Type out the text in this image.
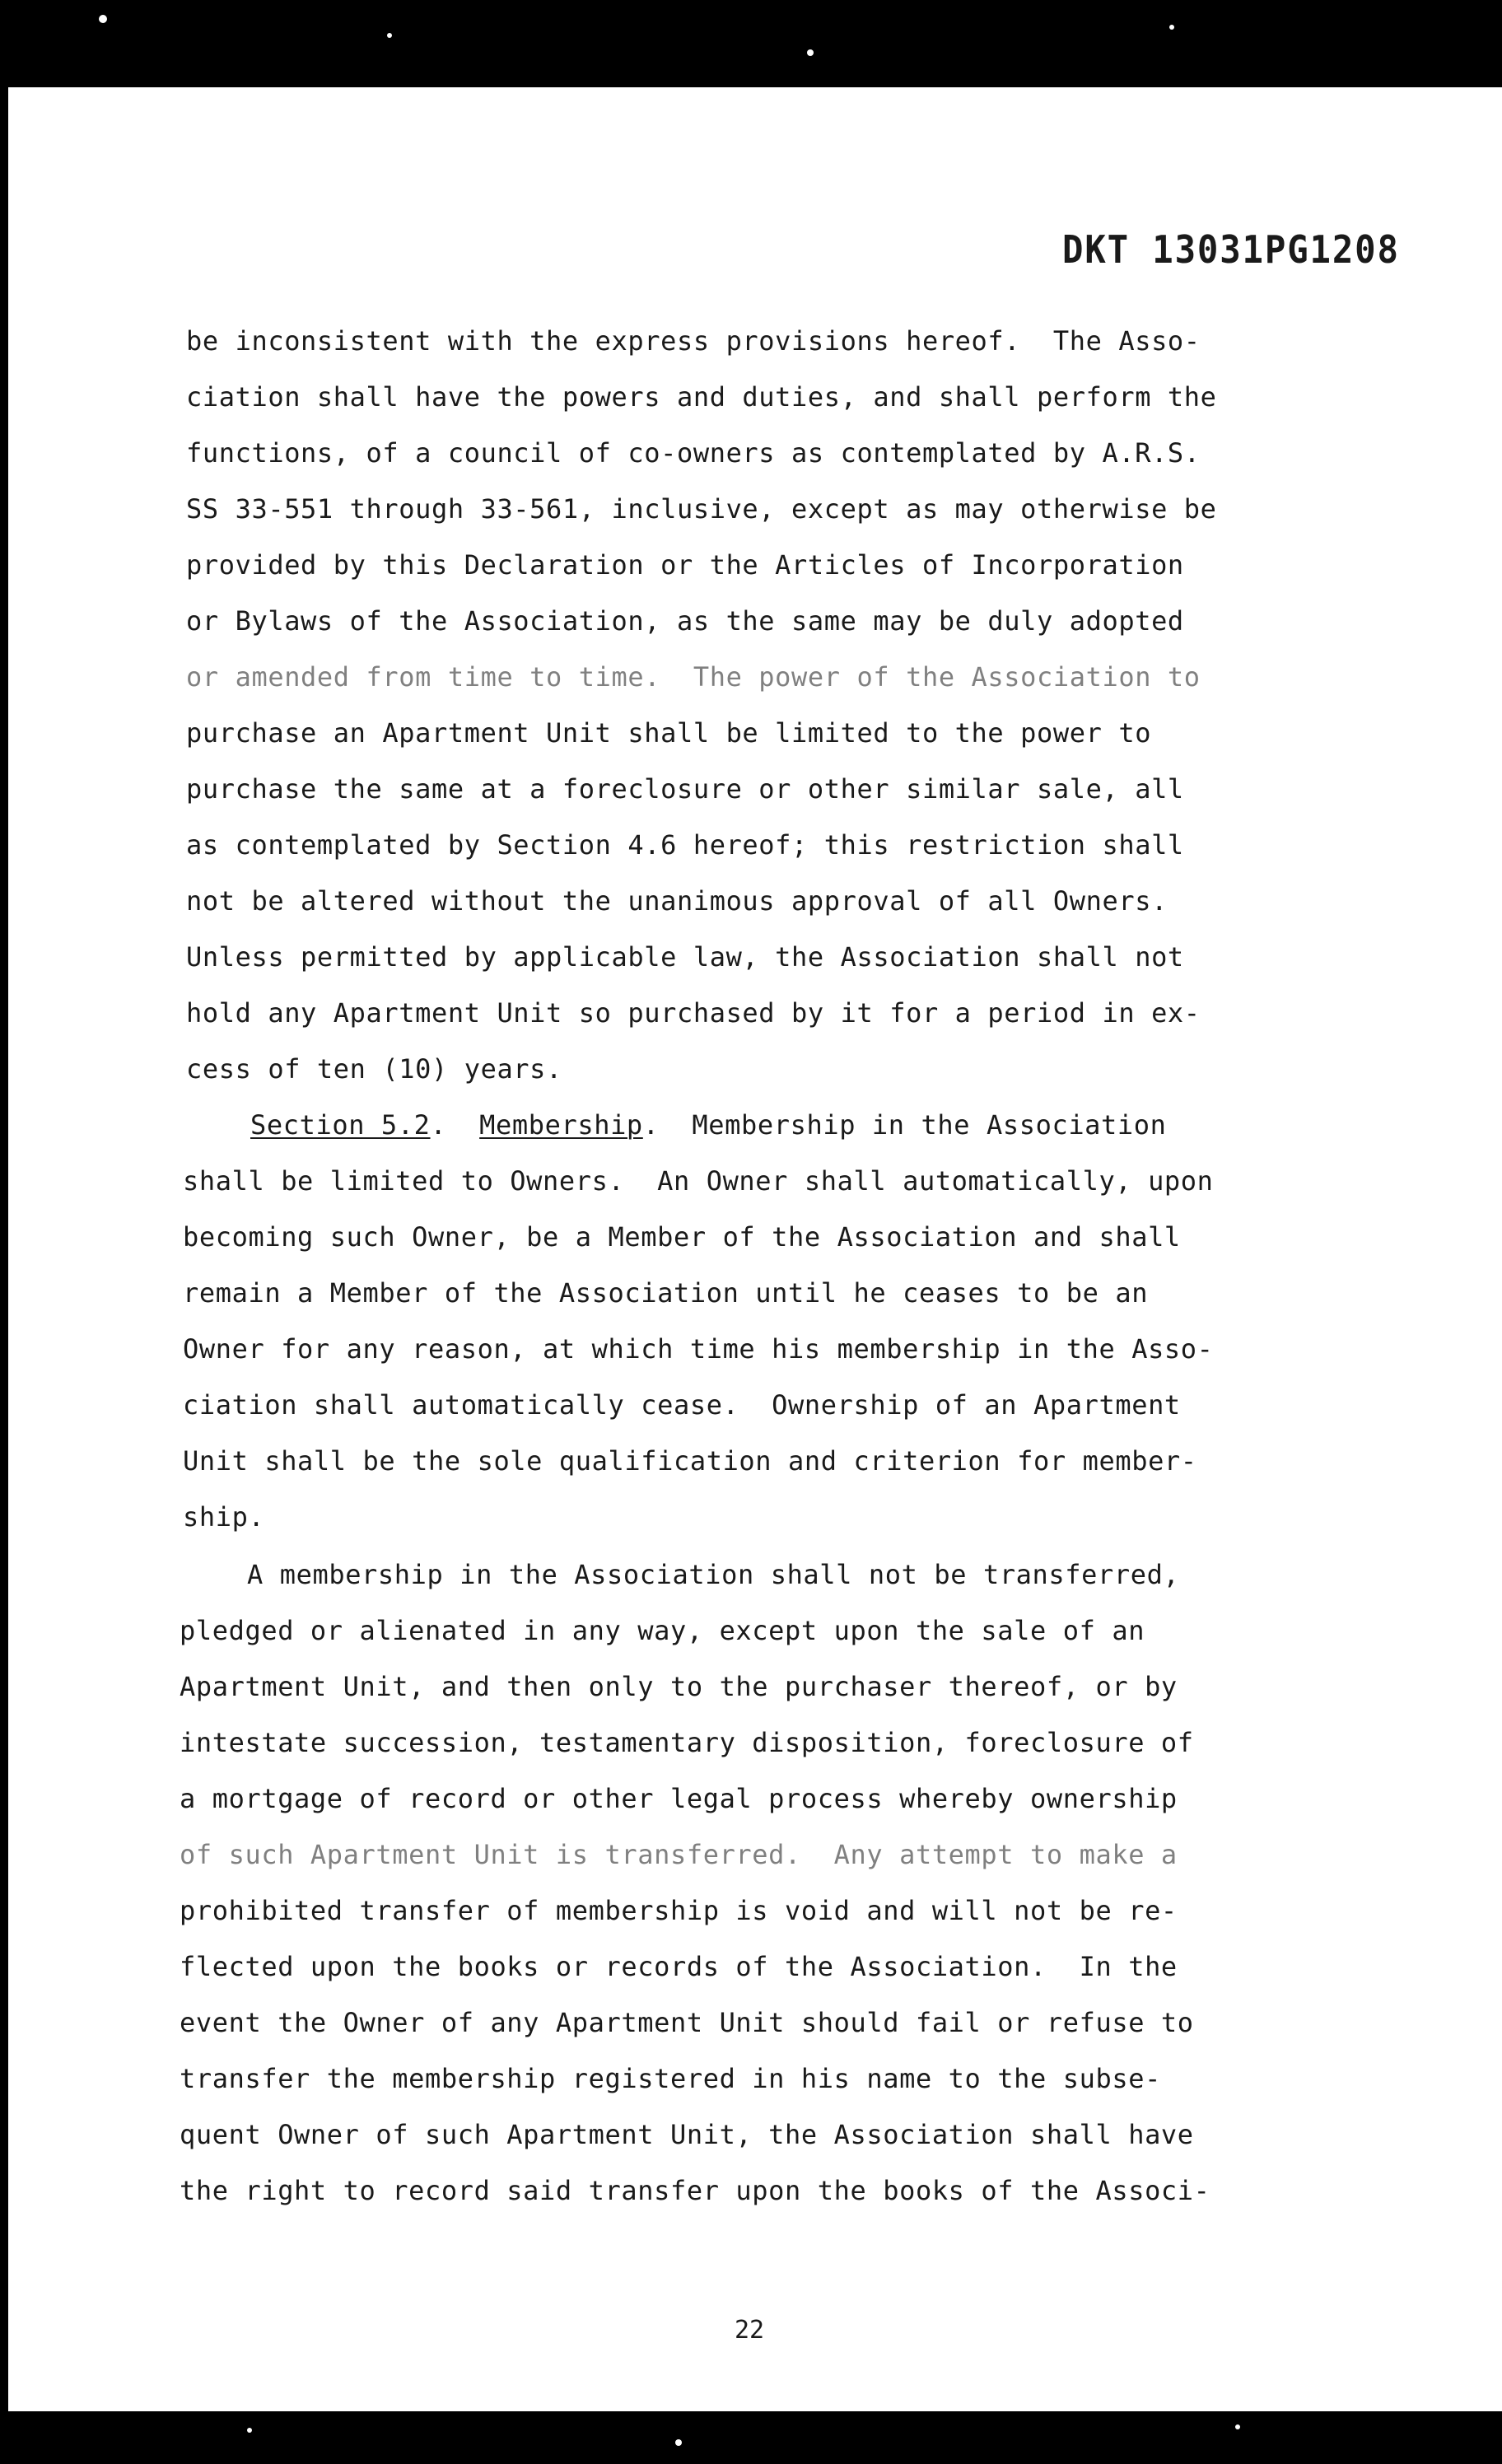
DKT 13031PG1208
be inconsistent with the express provisions hereof.  The Asso-
ciation shall have the powers and duties, and shall perform the
functions, of a council of co-owners as contemplated by A.R.S.
SS 33-551 through 33-561, inclusive, except as may otherwise be
provided by this Declaration or the Articles of Incorporation
or Bylaws of the Association, as the same may be duly adopted
or amended from time to time.  The power of the Association to
purchase an Apartment Unit shall be limited to the power to
purchase the same at a foreclosure or other similar sale, all
as contemplated by Section 4.6 hereof; this restriction shall
not be altered without the unanimous approval of all Owners.
Unless permitted by applicable law, the Association shall not
hold any Apartment Unit so purchased by it for a period in ex-
cess of ten (10) years.
Section 5.2.  Membership.  Membership in the Association
shall be limited to Owners.  An Owner shall automatically, upon
becoming such Owner, be a Member of the Association and shall
remain a Member of the Association until he ceases to be an
Owner for any reason, at which time his membership in the Asso-
ciation shall automatically cease.  Ownership of an Apartment
Unit shall be the sole qualification and criterion for member-
ship.
A membership in the Association shall not be transferred,
pledged or alienated in any way, except upon the sale of an
Apartment Unit, and then only to the purchaser thereof, or by
intestate succession, testamentary disposition, foreclosure of
a mortgage of record or other legal process whereby ownership
of such Apartment Unit is transferred.  Any attempt to make a
prohibited transfer of membership is void and will not be re-
flected upon the books or records of the Association.  In the
event the Owner of any Apartment Unit should fail or refuse to
transfer the membership registered in his name to the subse-
quent Owner of such Apartment Unit, the Association shall have
the right to record said transfer upon the books of the Associ-
22
